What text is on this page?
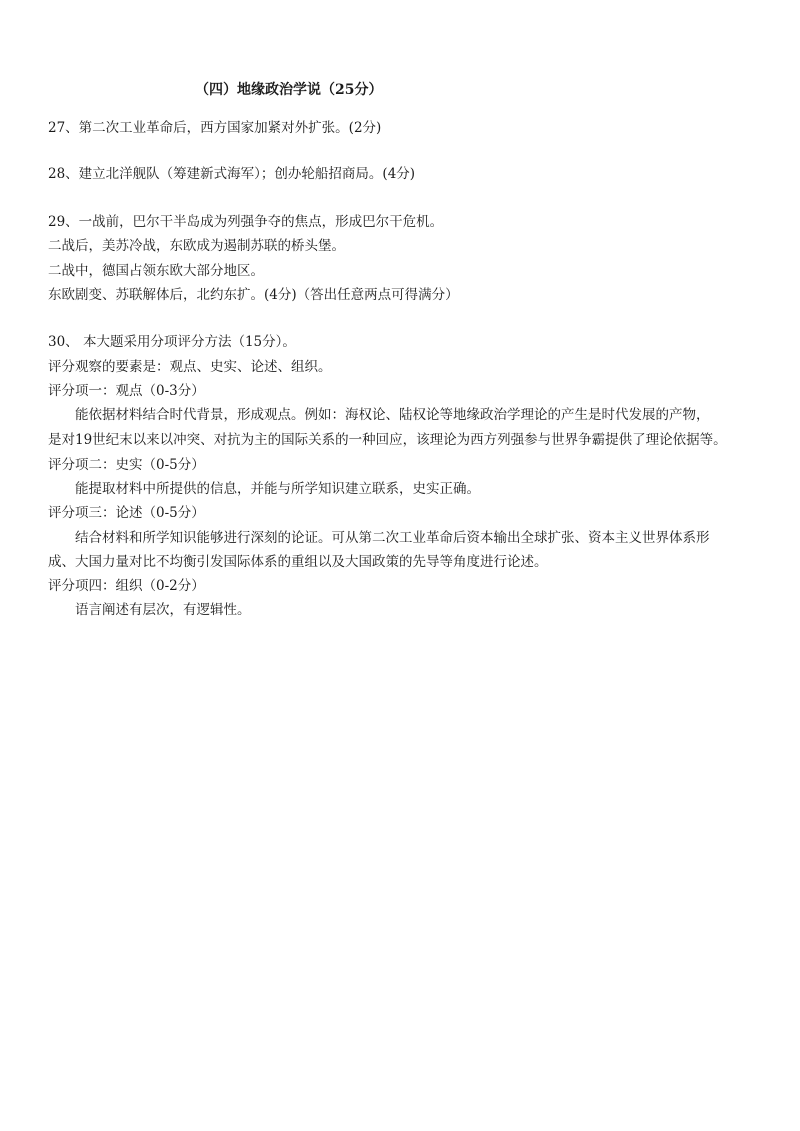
（四）地缘政治学说（25分）
27、第二次工业革命后，西方国家加紧对外扩张。(2分)
28、建立北洋舰队（筹建新式海军）；创办轮船招商局。(4分)
29、一战前，巴尔干半岛成为列强争夺的焦点，形成巴尔干危机。
二战后，美苏冷战，东欧成为遏制苏联的桥头堡。
二战中，德国占领东欧大部分地区。
东欧剧变、苏联解体后，北约东扩。(4分)（答出任意两点可得满分）
30、 本大题采用分项评分方法（15分）。
评分观察的要素是：观点、史实、论述、组织。
评分项一：观点（0-3分）
能依据材料结合时代背景，形成观点。例如：海权论、陆权论等地缘政治学理论的产生是时代发展的产物，
是对19世纪末以来以冲突、对抗为主的国际关系的一种回应，该理论为西方列强参与世界争霸提供了理论依据等。
评分项二：史实（0-5分）
能提取材料中所提供的信息，并能与所学知识建立联系，史实正确。
评分项三：论述（0-5分）
结合材料和所学知识能够进行深刻的论证。可从第二次工业革命后资本输出全球扩张、资本主义世界体系形
成、大国力量对比不均衡引发国际体系的重组以及大国政策的先导等角度进行论述。
评分项四：组织（0-2分）
语言阐述有层次，有逻辑性。
